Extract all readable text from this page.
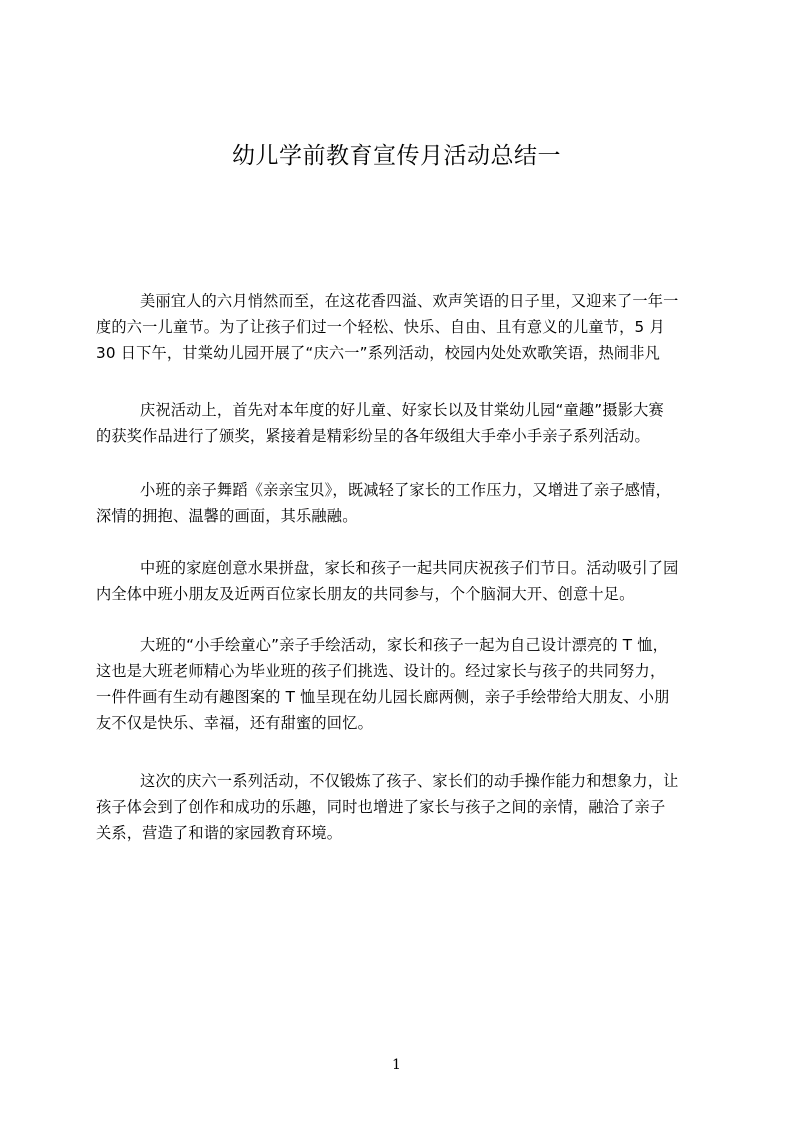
幼儿学前教育宣传月活动总结一
美丽宜人的六月悄然而至，在这花香四溢、欢声笑语的日子里，又迎来了一年一
度的六一儿童节。为了让孩子们过一个轻松、快乐、自由、且有意义的儿童节，5 月
30 日下午，甘棠幼儿园开展了“庆六一”系列活动，校园内处处欢歌笑语，热闹非凡
庆祝活动上，首先对本年度的好儿童、好家长以及甘棠幼儿园“童趣”摄影大赛
的获奖作品进行了颁奖，紧接着是精彩纷呈的各年级组大手牵小手亲子系列活动。
小班的亲子舞蹈《亲亲宝贝》，既减轻了家长的工作压力，又增进了亲子感情，
深情的拥抱、温馨的画面，其乐融融。
中班的家庭创意水果拼盘，家长和孩子一起共同庆祝孩子们节日。活动吸引了园
内全体中班小朋友及近两百位家长朋友的共同参与，个个脑洞大开、创意十足。
大班的“小手绘童心”亲子手绘活动，家长和孩子一起为自己设计漂亮的 T 恤，
这也是大班老师精心为毕业班的孩子们挑选、设计的。经过家长与孩子的共同努力，
一件件画有生动有趣图案的 T 恤呈现在幼儿园长廊两侧，亲子手绘带给大朋友、小朋
友不仅是快乐、幸福，还有甜蜜的回忆。
这次的庆六一系列活动，不仅锻炼了孩子、家长们的动手操作能力和想象力，让
孩子体会到了创作和成功的乐趣，同时也增进了家长与孩子之间的亲情，融洽了亲子
关系，营造了和谐的家园教育环境。
1
